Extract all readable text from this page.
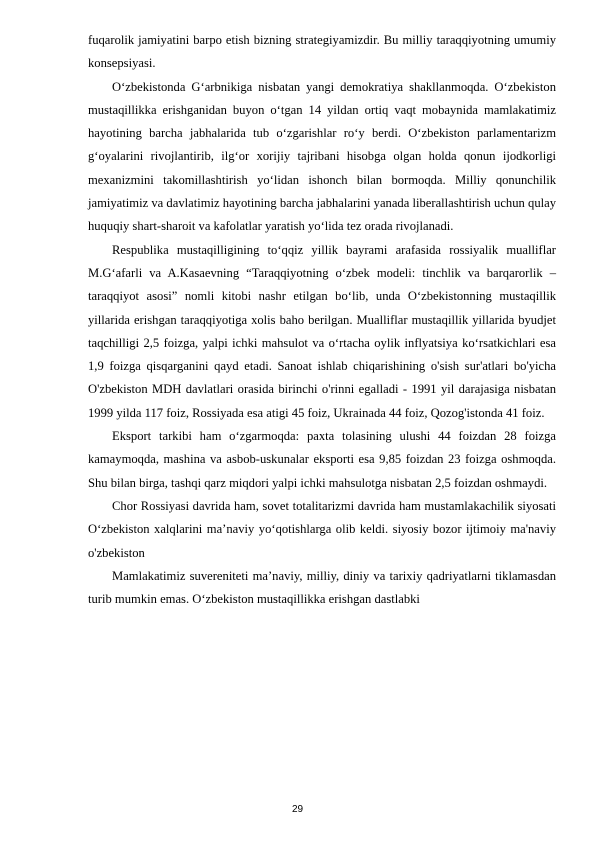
fuqarolik jamiyatini barpo etish bizning strategiyamizdir. Bu milliy taraqqiyotning umumiy konsepsiyasi.

O‘zbekistonda G‘arbnikiga nisbatan yangi demokratiya shakllanmoqda. O‘zbekiston mustaqillikka erishganidan buyon o‘tgan 14 yildan ortiq vaqt mobaynida mamlakatimiz hayotining barcha jabhalarida tub o‘zgarishlar ro‘y berdi. O‘zbekiston parlamentarizm g‘oyalarini rivojlantirib, ilg‘or xorijiy tajribani hisobga olgan holda qonun ijodkorligi mexanizmini takomillashtirish yo‘lidan ishonch bilan bormoqda. Milliy qonunchilik jamiyatimiz va davlatimiz hayotining barcha jabhalarini yanada liberallashtirish uchun qulay huquqiy shart-sharoit va kafolatlar yaratish yo‘lida tez orada rivojlanadi.

Respublika mustaqilligining to‘qqiz yillik bayrami arafasida rossiyalik mualliflar M.G‘afarli va A.Kasaevning “Taraqqiyotning o‘zbek modeli: tinchlik va barqarorlik – taraqqiyot asosi” nomli kitobi nashr etilgan bo‘lib, unda O‘zbekistonning mustaqillik yillarida erishgan taraqqiyotiga xolis baho berilgan. Mualliflar mustaqillik yillarida byudjet taqchilligi 2,5 foizga, yalpi ichki mahsulot va o‘rtacha oylik inflyatsiya ko‘rsatkichlari esa 1,9 foizga qisqarganini qayd etadi. Sanoat ishlab chiqarishining o'sish sur'atlari bo'yicha O'zbekiston MDH davlatlari orasida birinchi o'rinni egalladi - 1991 yil darajasiga nisbatan 1999 yilda 117 foiz, Rossiyada esa atigi 45 foiz, Ukrainada 44 foiz, Qozog'istonda 41 foiz.

Eksport tarkibi ham o‘zgarmoqda: paxta tolasining ulushi 44 foizdan 28 foizga kamaymoqda, mashina va asbob-uskunalar eksporti esa 9,85 foizdan 23 foizga oshmoqda. Shu bilan birga, tashqi qarz miqdori yalpi ichki mahsulotga nisbatan 2,5 foizdan oshmaydi.

Chor Rossiyasi davrida ham, sovet totalitarizmi davrida ham mustamlakachilik siyosati O‘zbekiston xalqlarini ma’naviy yo‘qotishlarga olib keldi. siyosiy bozor ijtimoiy ma'naviy o'zbekiston

Mamlakatimiz suvereniteti ma’naviy, milliy, diniy va tarixiy qadriyatlarni tiklamasdan turib mumkin emas. O‘zbekiston mustaqillikka erishgan dastlabki

29
